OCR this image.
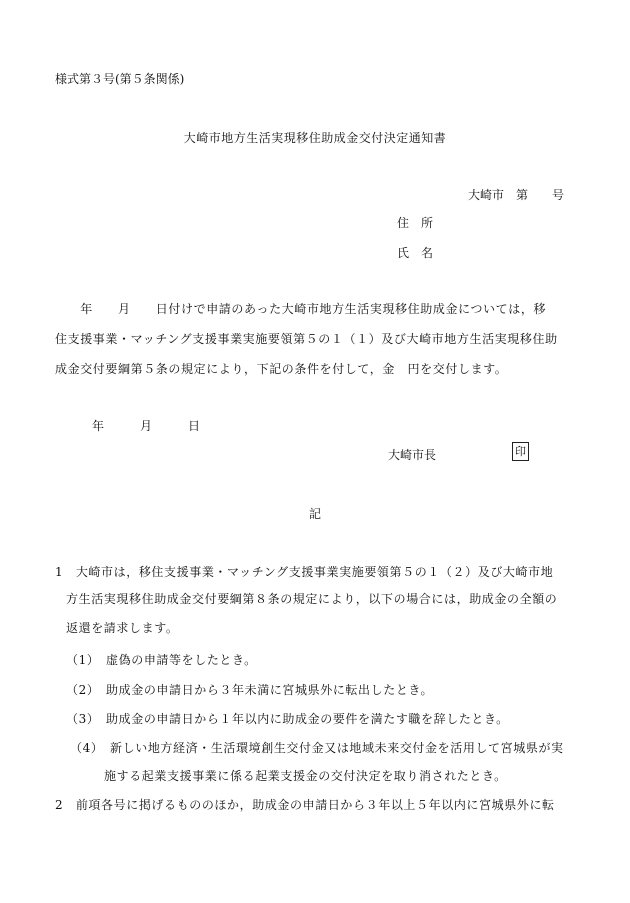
様式第３号(第５条関係)
大崎市地方生活実現移住助成金交付決定通知書
大崎市　第　　号
住　所
氏　名
　　年　　月　　日付けで申請のあった大崎市地方生活実現移住助成金については，移
住支援事業・マッチング支援事業実施要領第５の１（１）及び大崎市地方生活実現移住助
成金交付要綱第５条の規定により，下記の条件を付して，金　円を交付します。
年　　　月　　　日
大崎市長	印
記
1　大崎市は，移住支援事業・マッチング支援事業実施要領第５の１（２）及び大崎市地
方生活実現移住助成金交付要綱第８条の規定により，以下の場合には，助成金の全額の
返還を請求します。
（1）　虚偽の申請等をしたとき。
（2）　助成金の申請日から３年未満に宮城県外に転出したとき。
（3）　助成金の申請日から１年以内に助成金の要件を満たす職を辞したとき。
（4）　新しい地方経済・生活環境創生交付金又は地域未来交付金を活用して宮城県が実
施する起業支援事業に係る起業支援金の交付決定を取り消されたとき。
2　前項各号に掲げるもののほか，助成金の申請日から３年以上５年以内に宮城県外に転
